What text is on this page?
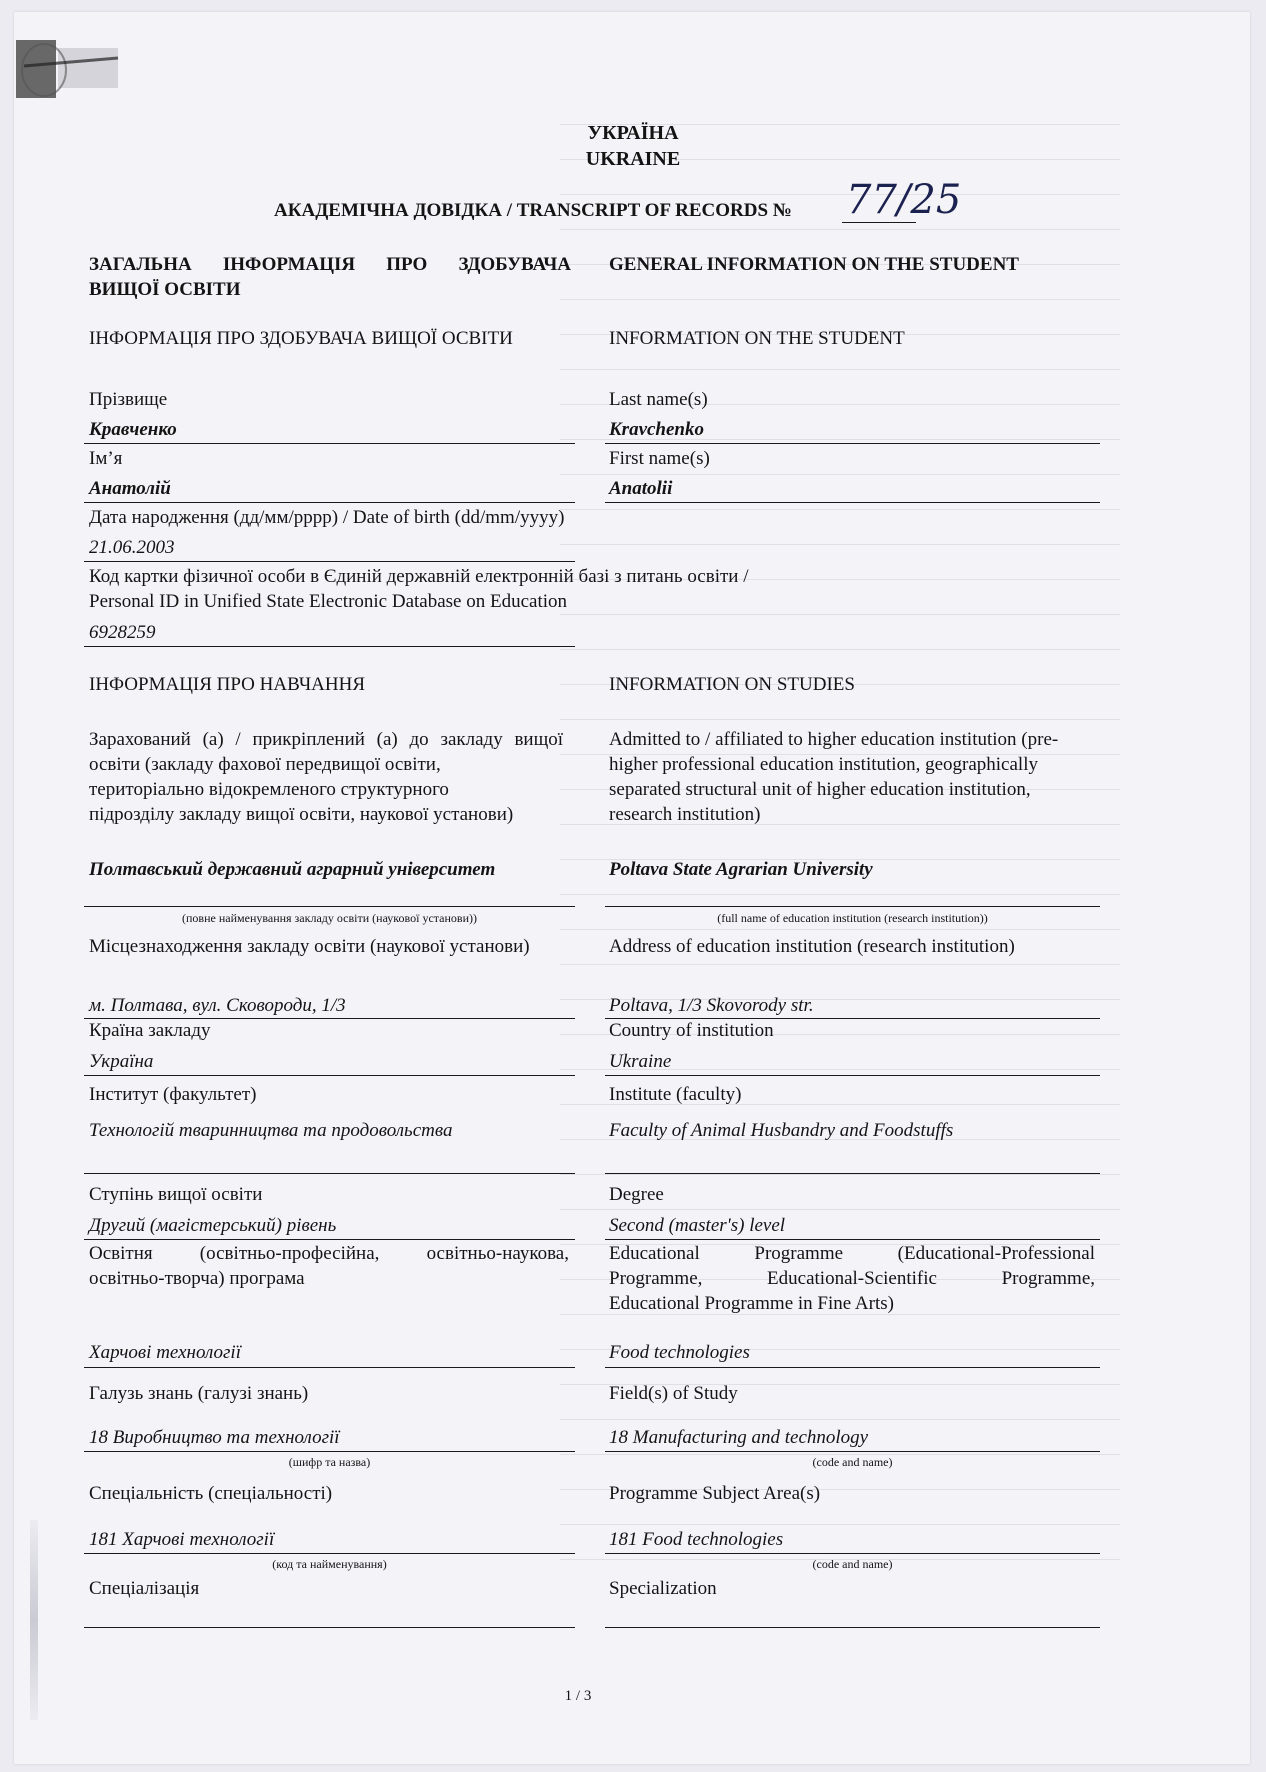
УКРАЇНА
UKRAINE
АКАДЕМІЧНА ДОВІДКА / TRANSCRIPT OF RECORDS № 77/25
ЗАГАЛЬНА ІНФОРМАЦІЯ ПРО ЗДОБУВАЧА
ВИЩОЇ ОСВІТИ
GENERAL INFORMATION ON THE STUDENT
ІНФОРМАЦІЯ ПРО ЗДОБУВАЧА ВИЩОЇ ОСВІТИ	INFORMATION ON THE STUDENT
Прізвище	Last name(s)
Кравченко	Kravchenko
Ім’я	First name(s)
Анатолій	Anatolii
Дата народження (дд/мм/рррр) / Date of birth (dd/mm/yyyy)
21.06.2003
Код картки фізичної особи в Єдиній державній електронній базі з питань освіти /
Personal ID in Unified State Electronic Database on Education
6928259
ІНФОРМАЦІЯ ПРО НАВЧАННЯ	INFORMATION ON STUDIES
Зарахований (а) / прикріплений (а) до закладу вищої
освіти (закладу фахової передвищої освіти,
територіально відокремленого структурного
підрозділу закладу вищої освіти, наукової установи)
Admitted to / affiliated to higher education institution (pre-
higher professional education institution, geographically
separated structural unit of higher education institution,
research institution)
Полтавський державний аграрний університет	Poltava State Agrarian University
(повне найменування закладу освіти (наукової установи))	(full name of education institution (research institution))
Місцезнаходження закладу освіти (наукової установи)	Address of education institution (research institution)
м. Полтава, вул. Сковороди, 1/3	Poltava, 1/3 Skovorody str.
Країна закладу	Country of institution
Україна	Ukraine
Інститут (факультет)	Institute (faculty)
Технологій тваринництва та продовольства	Faculty of Animal Husbandry and Foodstuffs
Ступінь вищої освіти	Degree
Другий (магістерський) рівень	Second (master's) level
Освітня (освітньо-професійна, освітньо-наукова,
освітньо-творча) програма
Educational Programme (Educational-Professional
Programme, Educational-Scientific Programme,
Educational Programme in Fine Arts)
Харчові технології	Food technologies
Галузь знань (галузі знань)	Field(s) of Study
18 Виробництво та технології	18 Manufacturing and technology
(шифр та назва)	(code and name)
Спеціальність (спеціальності)	Programme Subject Area(s)
181 Харчові технології	181 Food technologies
(код та найменування)	(code and name)
Спеціалізація	Specialization
1 / 3
